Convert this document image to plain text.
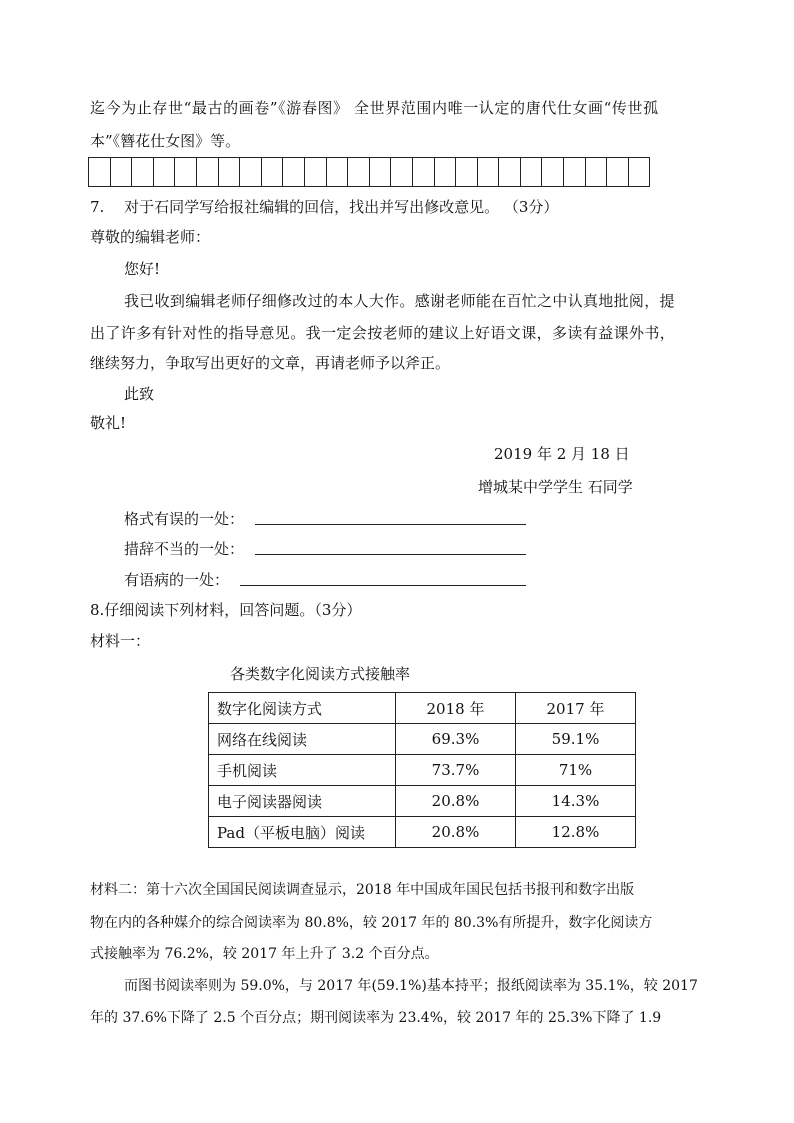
迄今为止存世“最古的画卷”《游春图》 全世界范围内唯一认定的唐代仕女画“传世孤
本”《簪花仕女图》等。
7.　 对于石同学写给报社编辑的回信，找出并写出修改意见。 （3分）
尊敬的编辑老师：
您好!
我已收到编辑老师仔细修改过的本人大作。感谢老师能在百忙之中认真地批阅，提
出了许多有针对性的指导意见。我一定会按老师的建议上好语文课，多读有益课外书，
继续努力，争取写出更好的文章，再请老师予以斧正。
此致
敬礼!
2019 年 2 月 18 日
增城某中学学生 石同学
格式有误的一处：
措辞不当的一处：
有语病的一处：
8.仔细阅读下列材料，回答问题。（3分）
材料一：
各类数字化阅读方式接触率
数字化阅读方式	2018 年	2017 年
网络在线阅读	69.3%	59.1%
手机阅读	73.7%	71%
电子阅读器阅读	20.8%	14.3%
Pad（平板电脑）阅读	20.8%	12.8%
材料二：第十六次全国国民阅读调查显示，2018 年中国成年国民包括书报刊和数字出版
物在内的各种媒介的综合阅读率为 80.8%，较 2017 年的 80.3%有所提升，数字化阅读方
式接触率为 76.2%，较 2017 年上升了 3.2 个百分点。
而图书阅读率则为 59.0%，与 2017 年(59.1%)基本持平；报纸阅读率为 35.1%，较 2017
年的 37.6%下降了 2.5 个百分点；期刊阅读率为 23.4%，较 2017 年的 25.3%下降了 1.9
